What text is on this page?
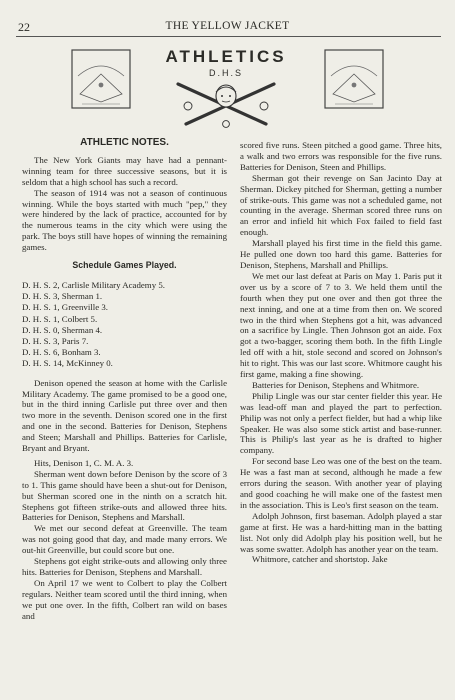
22	THE YELLOW JACKET
ATHLETICS
D.H.S
ATHLETIC NOTES.

The New York Giants may have had a pennant-winning team for three successive seasons, but it is seldom that a high school has such a record.

The season of 1914 was not a season of continuous winning. While the boys started with much "pep," they were hindered by the lack of practice, accounted for by the numerous teams in the city which were using the park. The boys still have hopes of winning the remaining games.

Schedule Games Played.
D. H. S. 2, Carlisle Military Academy 5.
D. H. S. 3, Sherman 1.
D. H. S. 1, Greenville 3.
D. H. S. 1, Colbert 5.
D. H. S. 0, Sherman 4.
D. H. S. 3, Paris 7.
D. H. S. 6, Bonham 3.
D. H. S. 14, McKinney 0.

Denison opened the season at home with the Carlisle Military Academy. The game promised to be a good one, but in the third inning Carlisle put three over and then two more in the seventh. Denison scored one in the first and one in the second. Batteries for Denison, Stephens and Steen; Marshall and Phillips. Batteries for Carlisle, Bryant and Bryant.

Hits, Denison 1, C. M. A. 3.

Sherman went down before Denison by the score of 3 to 1. This game should have been a shut-out for Denison, but Sherman scored one in the ninth on a scratch hit. Stephens got fifteen strike-outs and allowed three hits. Batteries for Denison, Stephens and Marshall.

We met our second defeat at Greenville. The team was not going good that day, and made many errors. We out-hit Greenville, but could score but one.

Stephens got eight strike-outs and allowing only three hits. Batteries for Denison, Stephens and Marshall.

On April 17 we went to Colbert to play the Colbert regulars. Neither team scored until the third inning, when we put one over. In the fifth, Colbert ran wild on bases and

scored five runs. Steen pitched a good game. Three hits, a walk and two errors was responsible for the five runs. Batteries for Denison, Steen and Phillips.

Sherman got their revenge on San Jacinto Day at Sherman. Dickey pitched for Sherman, getting a number of strike-outs. This game was not a scheduled game, not counting in the average. Sherman scored three runs on an error and infield hit which Fox failed to field fast enough.

Marshall played his first time in the field this game. He pulled one down too hard this game. Batteries for Denison, Stephens, Marshall and Phillips.

We met our last defeat at Paris on May 1. Paris put it over us by a score of 7 to 3. We held them until the fourth when they put one over and then got three the next inning, and one at a time from then on. We scored two in the third when Stephens got a hit, was advanced on a sacrifice by Lingle. Then Johnson got an aide. Fox got a two-bagger, scoring them both. In the fifth Lingle led off with a hit, stole second and scored on Johnson's hit to right. This was our last score. Whitmore caught his first game, making a fine showing.

Batteries for Denison, Stephens and Whitmore.

Philip Lingle was our star center fielder this year. He was lead-off man and played the part to perfection. Philip was not only a perfect fielder, but had a whip like Speaker. He was also some stick artist and base-runner. This is Philip's last year as he is drafted to higher company.

For second base Leo was one of the best on the team. He was a fast man at second, although he made a few errors during the season. With another year of playing and good coaching he will make one of the fastest men in the association. This is Leo's first season on the team.

Adolph Johnson, first baseman. Adolph played a star game at first. He was a hard-hitting man in the batting list. Not only did Adolph play his position well, but he was some swatter. Adolph has another year on the team.

Whitmore, catcher and shortstop. Jake
